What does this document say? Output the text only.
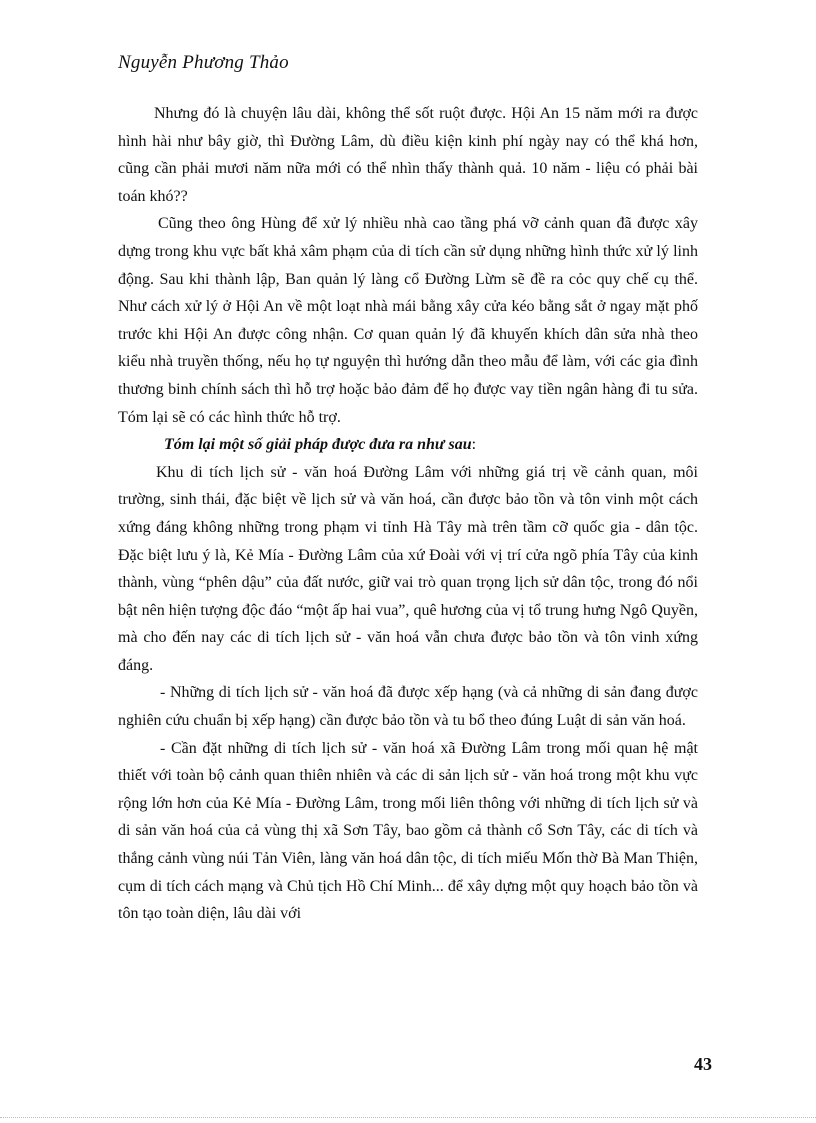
Nguyễn Phương Thảo

Nhưng đó là chuyện lâu dài, không thể sốt ruột được. Hội An 15 năm mới ra được hình hài như bây giờ, thì Đường Lâm, dù điều kiện kinh phí ngày nay có thể khá hơn, cũng cần phải mươi năm nữa mới có thể nhìn thấy thành quả. 10 năm - liệu có phải bài toán khó??

Cũng theo ông Hùng để xử lý nhiều nhà cao tầng phá vỡ cảnh quan đã được xây dựng trong khu vực bất khả xâm phạm của di tích cần sử dụng những hình thức xử lý linh động. Sau khi thành lập, Ban quản lý làng cổ Đường Lừm sẽ đề ra cỏc quy chế cụ thể. Như cách xử lý ở Hội An về một loạt nhà mái bằng xây cửa kéo bằng sắt ở ngay mặt phố trước khi Hội An được công nhận. Cơ quan quản lý đã khuyến khích dân sửa nhà theo kiểu nhà truyền thống, nếu họ tự nguyện thì hướng dẫn theo mẫu để làm, với các gia đình thương binh chính sách thì hỗ trợ hoặc bảo đảm để họ được vay tiền ngân hàng đi tu sửa. Tóm lại sẽ có các hình thức hỗ trợ.

Tóm lại một số giải pháp được đưa ra như sau:

Khu di tích lịch sử - văn hoá Đường Lâm với những giá trị về cảnh quan, môi trường, sinh thái, đặc biệt về lịch sử và văn hoá, cần được bảo tồn và tôn vinh một cách xứng đáng không những trong phạm vi tỉnh Hà Tây mà trên tầm cỡ quốc gia - dân tộc. Đặc biệt lưu ý là, Kẻ Mía - Đường Lâm của xứ Đoài với vị trí cửa ngõ phía Tây của kinh thành, vùng “phên dậu” của đất nước, giữ vai trò quan trọng lịch sử dân tộc, trong đó nổi bật nên hiện tượng độc đáo “một ấp hai vua”, quê hương của vị tổ trung hưng Ngô Quyền, mà cho đến nay các di tích lịch sử - văn hoá vẫn chưa được bảo tồn và tôn vinh xứng đáng.

- Những di tích lịch sử - văn hoá đã được xếp hạng (và cả những di sản đang được nghiên cứu chuẩn bị xếp hạng) cần được bảo tồn và tu bổ theo đúng Luật di sản văn hoá.

- Cần đặt những di tích lịch sử - văn hoá xã Đường Lâm trong mối quan hệ mật thiết với toàn bộ cảnh quan thiên nhiên và các di sản lịch sử - văn hoá trong một khu vực rộng lớn hơn của Kẻ Mía - Đường Lâm, trong mối liên thông với những di tích lịch sử và di sản văn hoá của cả vùng thị xã Sơn Tây, bao gồm cả thành cổ Sơn Tây, các di tích và thắng cảnh vùng núi Tản Viên, làng văn hoá dân tộc, di tích miếu Mốn thờ Bà Man Thiện, cụm di tích cách mạng và Chủ tịch Hồ Chí Minh... để xây dựng một quy hoạch bảo tồn và tôn tạo toàn diện, lâu dài với

43
